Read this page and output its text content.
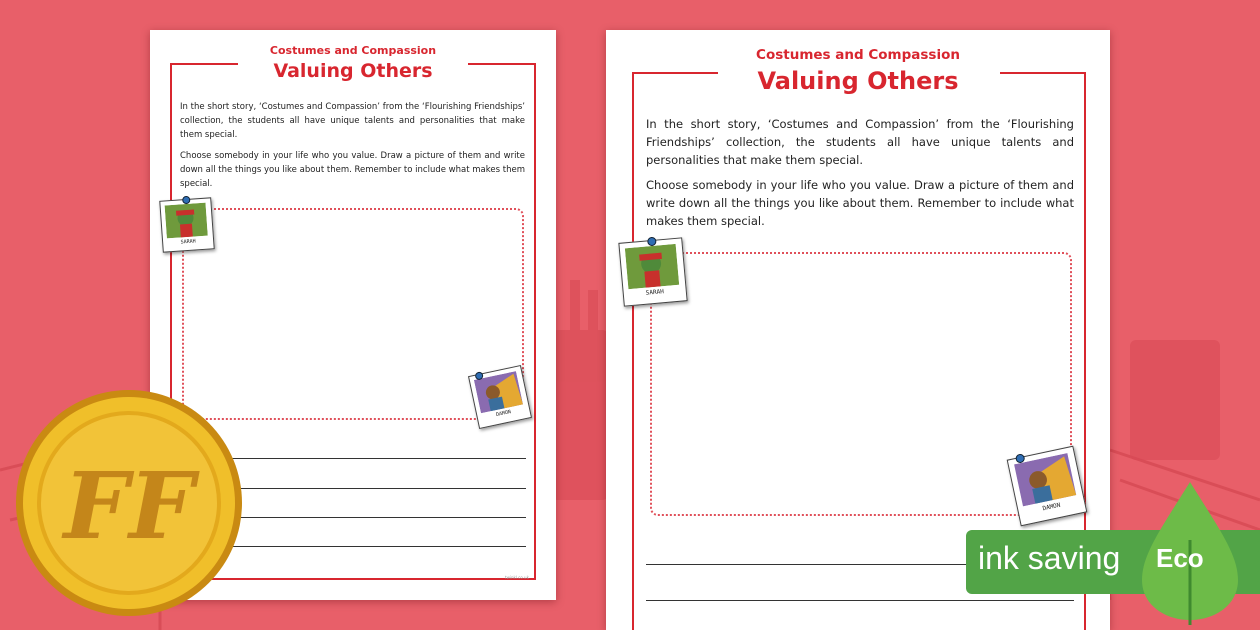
Costumes and Compassion
Valuing Others

In the short story, ‘Costumes and Compassion’ from the ‘Flourishing Friendships’ collection, the students all have unique talents and personalities that make them special.

Choose somebody in your life who you value. Draw a picture of them and write down all the things you like about them. Remember to include what makes them special.

twinkl.co.uk
SARAH
DAMON
Costumes and Compassion
Valuing Others

In the short story, ‘Costumes and Compassion’ from the ‘Flourishing Friendships’ collection, the students all have unique talents and personalities that make them special.

Choose somebody in your life who you value. Draw a picture of them and write down all the things you like about them. Remember to include what makes them special.

SARAH
DAMON
FF	ink saving Eco
